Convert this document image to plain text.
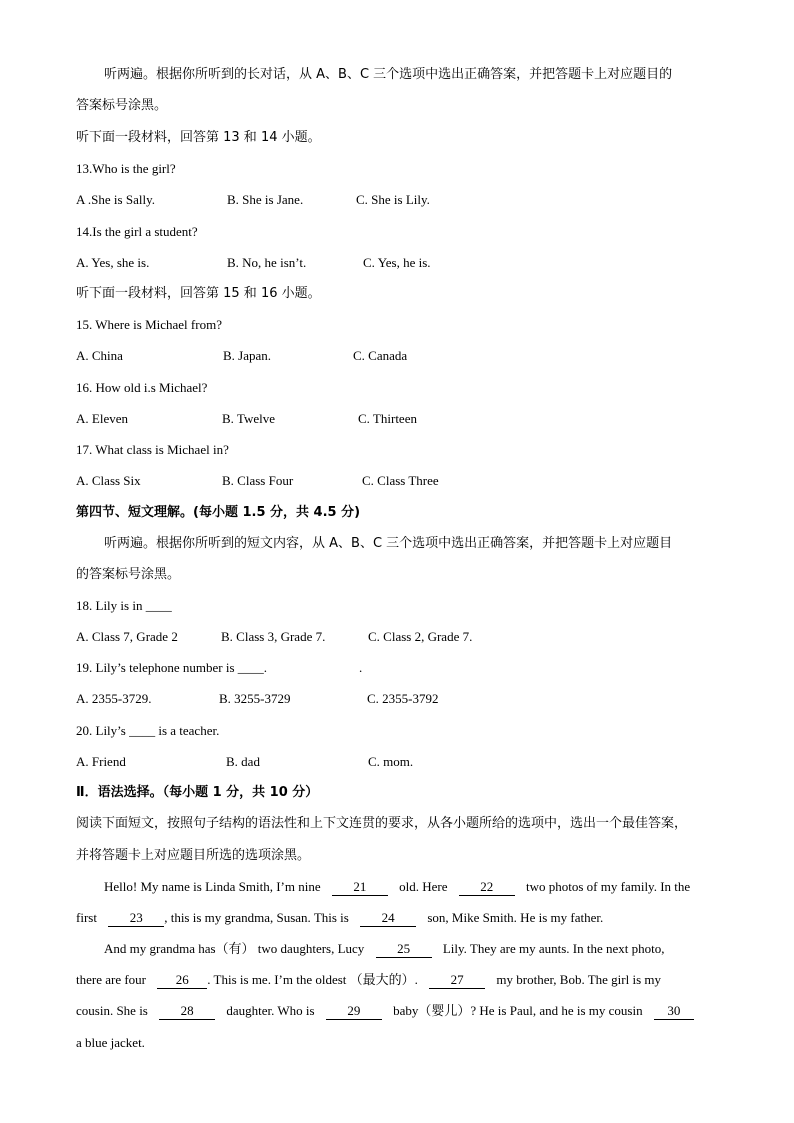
听两遍。根据你所听到的长对话，从 A、B、C 三个选项中选出正确答案，并把答题卡上对应题目的
答案标号涂黑。
听下面一段材料，回答第 13 和 14 小题。
13.Who is the girl?
A .She is Sally.	B. She is Jane.	C. She is Lily.
14.Is the girl a student?
A. Yes, she is.	B. No, he isn’t.	C. Yes, he is.
听下面一段材料，回答第 15 和 16 小题。
15. Where is Michael from?
A. China	B. Japan.	C. Canada
16. How old i.s Michael?
A. Eleven	B. Twelve	C. Thirteen
17. What class is Michael in?
A. Class Six	B. Class Four	C. Class Three
第四节、短文理解。(每小题 1.5 分，共 4.5 分)
听两遍。根据你所听到的短文内容，从 A、B、C 三个选项中选出正确答案，并把答题卡上对应题目
的答案标号涂黑。
18. Lily is in ____
A. Class 7, Grade 2	B. Class 3, Grade 7.	C. Class 2, Grade 7.
19. Lily’s telephone number is ____.	.
A. 2355-3729.	B. 3255-3729	C. 2355-3792
20. Lily’s ____ is a teacher.
A. Friend	B. dad	C. mom.
Ⅱ．语法选择。（每小题 1 分，共 10 分）
阅读下面短文，按照句子结构的语法性和上下文连贯的要求，从各小题所给的选项中，选出一个最佳答案，
并将答题卡上对应题目所选的选项涂黑。
Hello! My name is Linda Smith, I’m nine	21	old. Here	22	two photos of my family. In the
first	23 , this is my grandma, Susan. This is	24	son, Mike Smith. He is my father.
And my grandma has（有） two daughters, Lucy	25	Lily. They are my aunts. In the next photo,
there are four 26 . This is me. I’m the oldest （最大的）.	27	my brother, Bob. The girl is my
cousin. She is	28	daughter. Who is	29	baby（婴儿）? He is Paul, and he is my cousin 30
a blue jacket.
